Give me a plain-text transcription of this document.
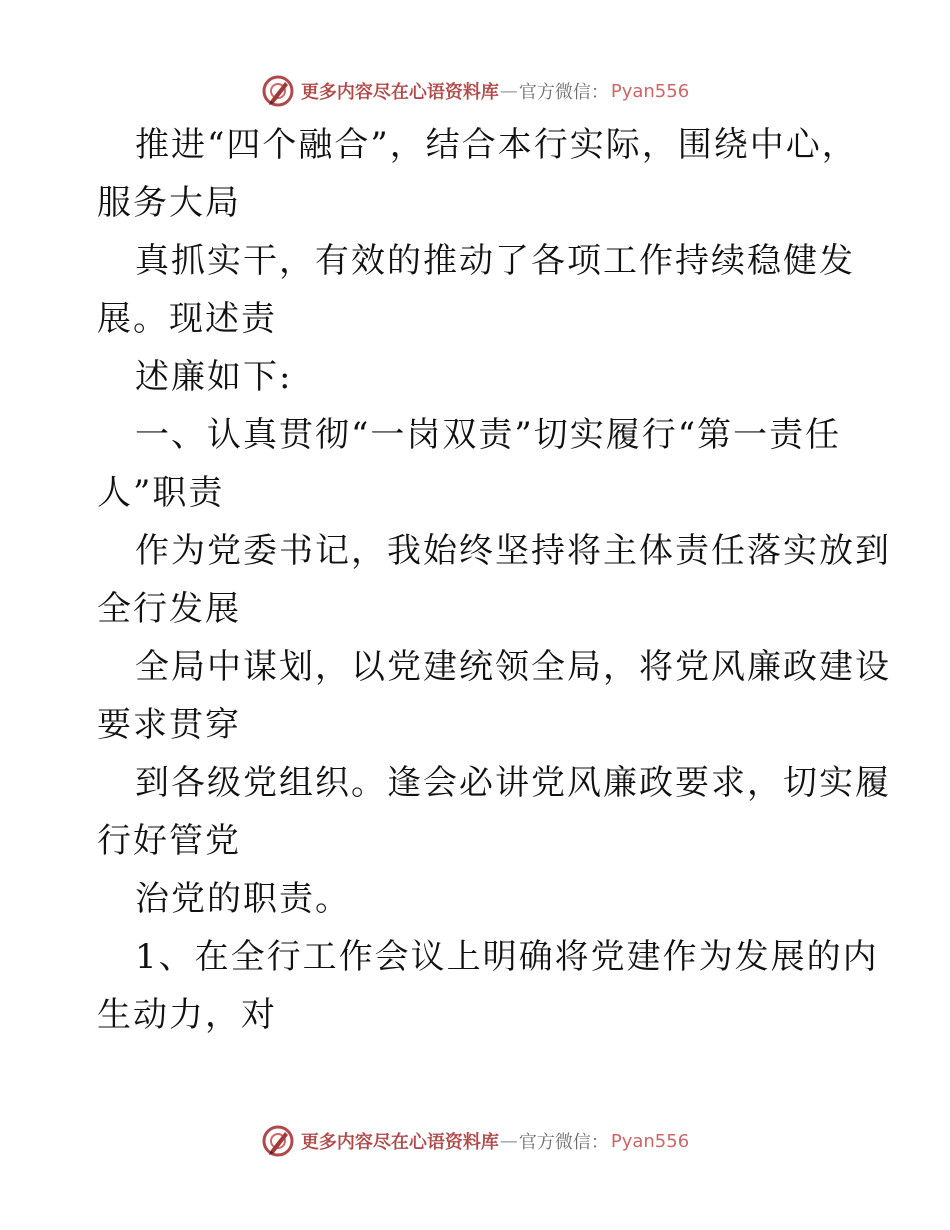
更多内容尽在心语资料库 — 官方微信： Pyan556
推进“四个融合”，结合本行实际，围绕中心，
服务大局
真抓实干，有效的推动了各项工作持续稳健发
展。现述责
述廉如下:
一、认真贯彻“一岗双责”切实履行“第一责任
人”职责
作为党委书记，我始终坚持将主体责任落实放到
全行发展
全局中谋划，以党建统领全局，将党风廉政建设
要求贯穿
到各级党组织。逢会必讲党风廉政要求，切实履
行好管党
治党的职责。
1、在全行工作会议上明确将党建作为发展的内
生动力，对
更多内容尽在心语资料库 — 官方微信： Pyan556
